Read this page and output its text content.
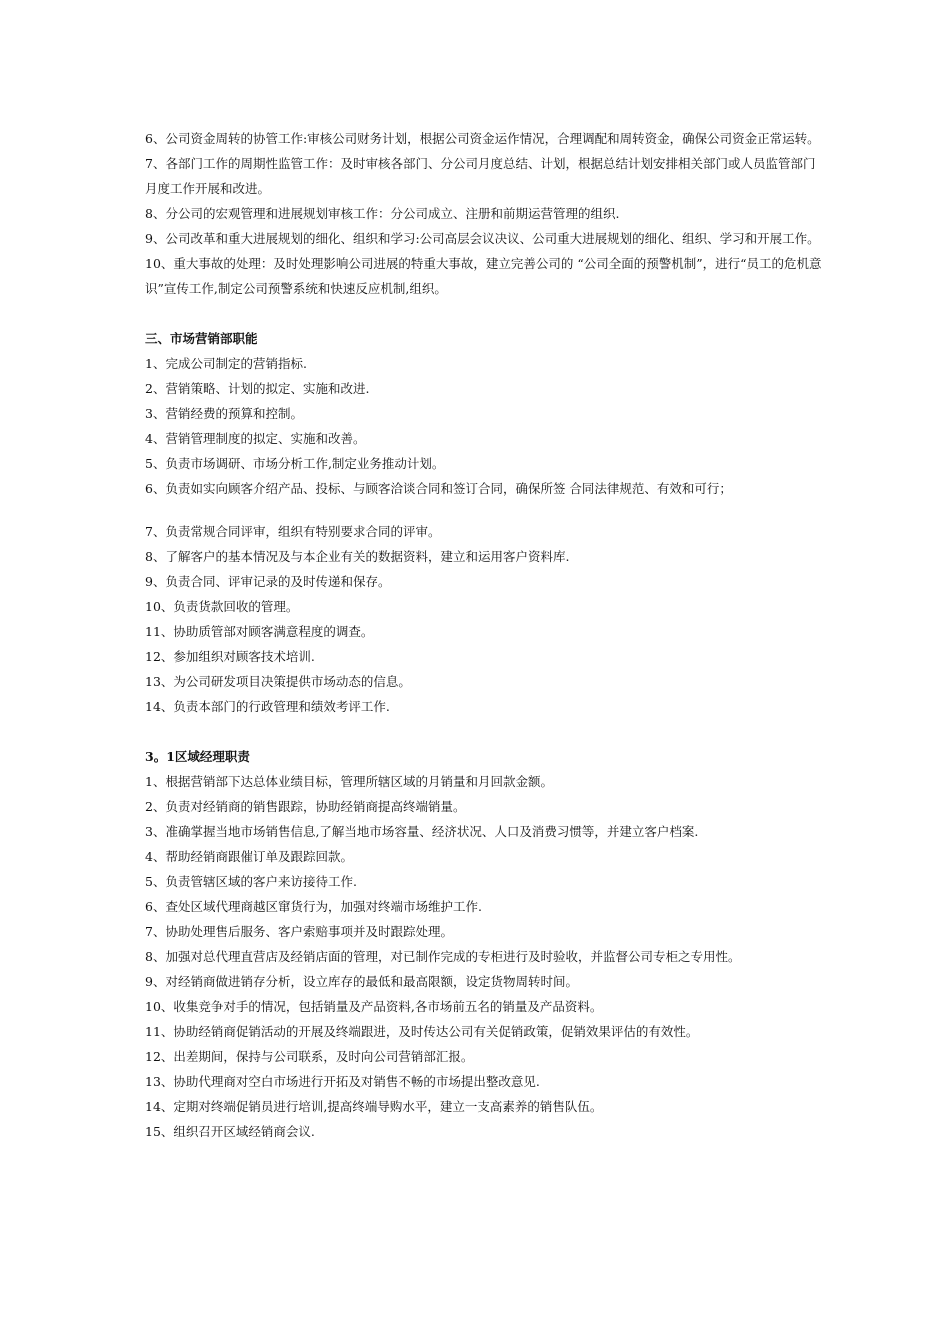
6、公司资金周转的协管工作:审核公司财务计划，根据公司资金运作情况，合理调配和周转资金，确保公司资金正常运转。

7、各部门工作的周期性监管工作：及时审核各部门、分公司月度总结、计划，根据总结计划安排相关部门或人员监管部门月度工作开展和改进。

8、分公司的宏观管理和进展规划审核工作：分公司成立、注册和前期运营管理的组织.

9、公司改革和重大进展规划的细化、组织和学习:公司高层会议决议、公司重大进展规划的细化、组织、学习和开展工作。

10、重大事故的处理：及时处理影响公司进展的特重大事故，建立完善公司的 “公司全面的预警机制”，进行“员工的危机意识”宣传工作,制定公司预警系统和快速反应机制,组织。

三、市场营销部职能

1、完成公司制定的营销指标.

2、营销策略、计划的拟定、实施和改进.

3、营销经费的预算和控制。

4、营销管理制度的拟定、实施和改善。

5、负责市场调研、市场分析工作,制定业务推动计划。

6、负责如实向顾客介绍产品、投标、与顾客洽谈合同和签订合同，确保所签 合同法律规范、有效和可行；

7、负责常规合同评审，组织有特别要求合同的评审。

8、了解客户的基本情况及与本企业有关的数据资料，建立和运用客户资料库.

9、负责合同、评审记录的及时传递和保存。

10、负责货款回收的管理。

11、协助质管部对顾客满意程度的调查。

12、参加组织对顾客技术培训.

13、为公司研发项目决策提供市场动态的信息。

14、负责本部门的行政管理和绩效考评工作.

3。1区域经理职责

1、根据营销部下达总体业绩目标，管理所辖区域的月销量和月回款金额。

2、负责对经销商的销售跟踪，协助经销商提高终端销量。

3、准确掌握当地市场销售信息,了解当地市场容量、经济状况、人口及消费习惯等，并建立客户档案.

4、帮助经销商跟催订单及跟踪回款。

5、负责管辖区域的客户来访接待工作.

6、查处区域代理商越区窜货行为，加强对终端市场维护工作.

7、协助处理售后服务、客户索赔事项并及时跟踪处理。

8、加强对总代理直营店及经销店面的管理，对已制作完成的专柜进行及时验收，并监督公司专柜之专用性。

9、对经销商做进销存分析，设立库存的最低和最高限额，设定货物周转时间。

10、收集竞争对手的情况，包括销量及产品资料,各市场前五名的销量及产品资料。

11、协助经销商促销活动的开展及终端跟进，及时传达公司有关促销政策，促销效果评估的有效性。

12、出差期间，保持与公司联系，及时向公司营销部汇报。

13、协助代理商对空白市场进行开拓及对销售不畅的市场提出整改意见.

14、定期对终端促销员进行培训,提高终端导购水平，建立一支高素养的销售队伍。

15、组织召开区域经销商会议.
